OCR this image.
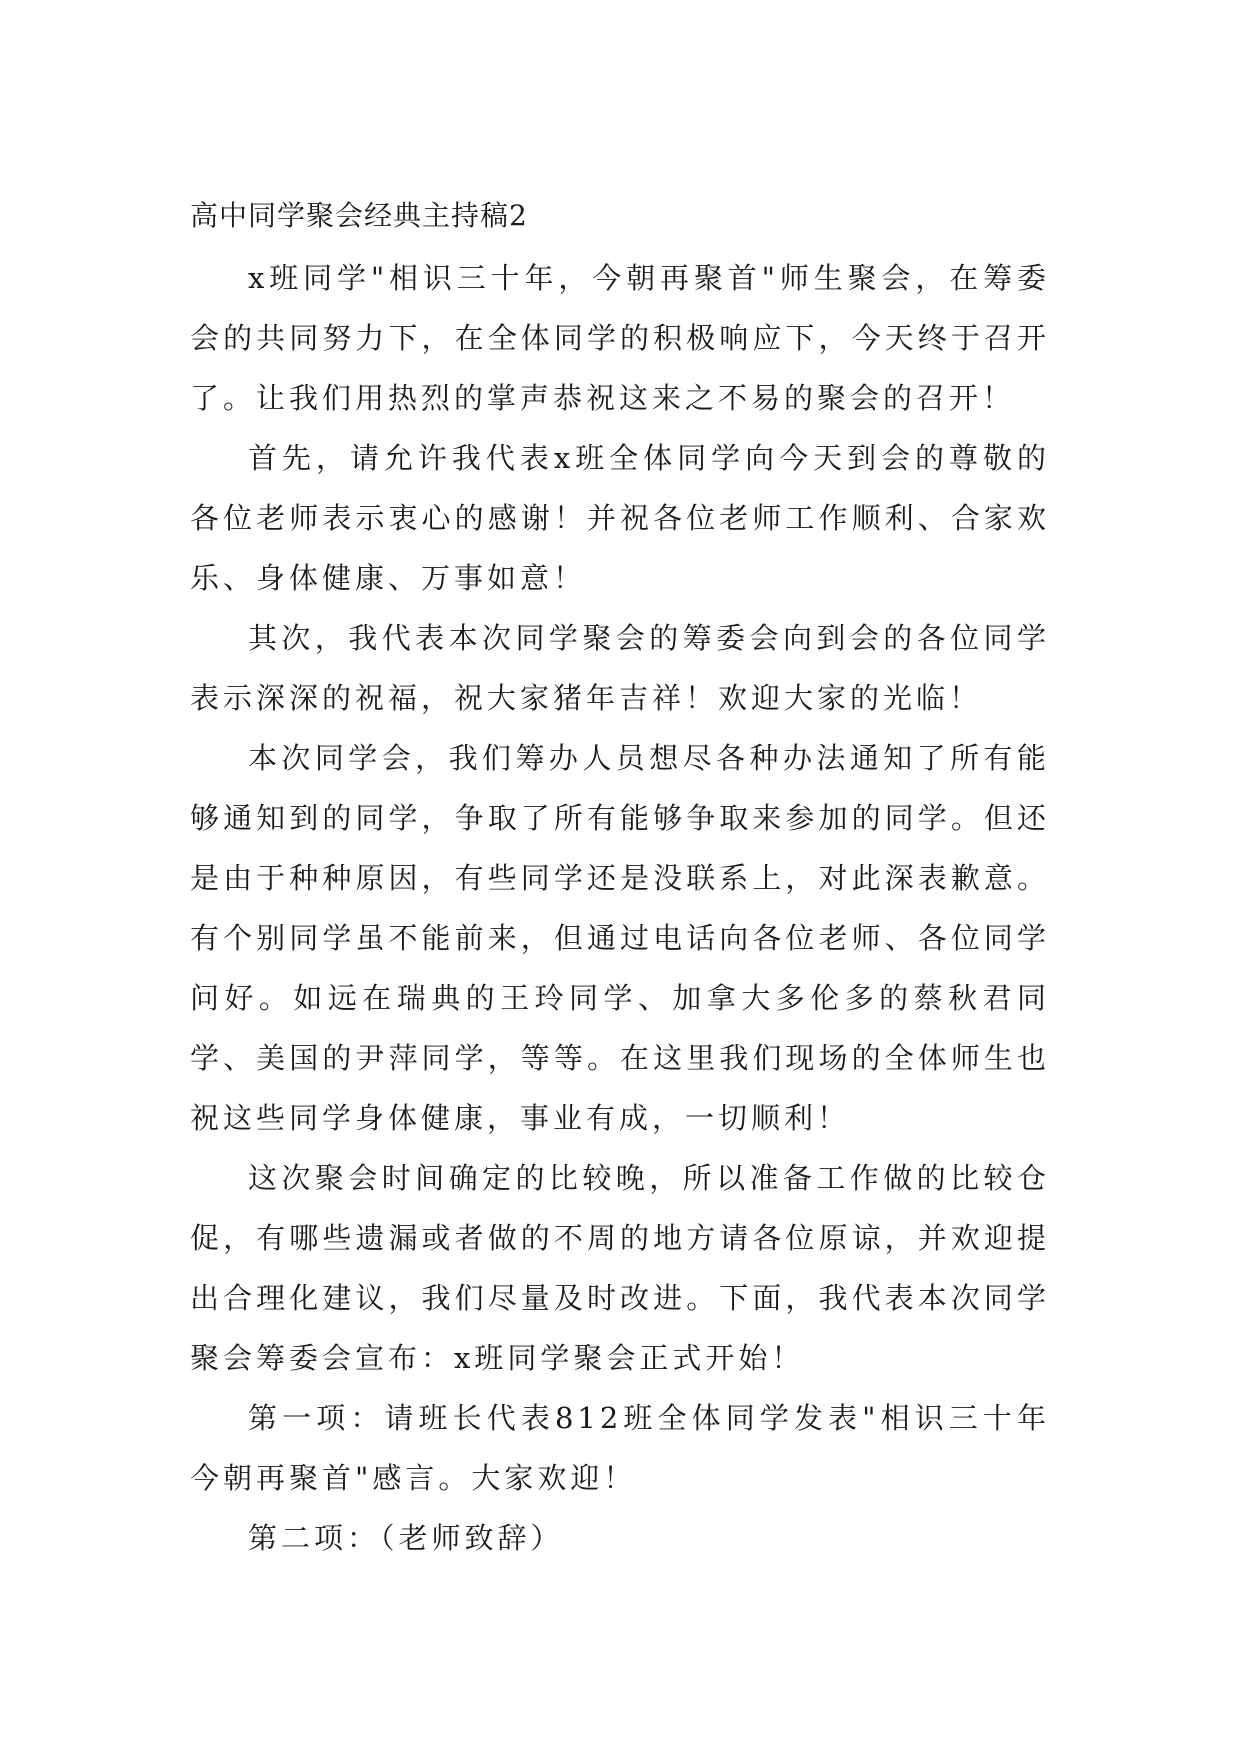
高中同学聚会经典主持稿2

x班同学"相识三十年，今朝再聚首"师生聚会，在筹委会的共同努力下，在全体同学的积极响应下，今天终于召开了。让我们用热烈的掌声恭祝这来之不易的聚会的召开！

首先，请允许我代表x班全体同学向今天到会的尊敬的各位老师表示衷心的感谢！并祝各位老师工作顺利、合家欢乐、身体健康、万事如意！

其次，我代表本次同学聚会的筹委会向到会的各位同学表示深深的祝福，祝大家猪年吉祥！欢迎大家的光临！

本次同学会，我们筹办人员想尽各种办法通知了所有能够通知到的同学，争取了所有能够争取来参加的同学。但还是由于种种原因，有些同学还是没联系上，对此深表歉意。有个别同学虽不能前来，但通过电话向各位老师、各位同学问好。如远在瑞典的王玲同学、加拿大多伦多的蔡秋君同学、美国的尹萍同学，等等。在这里我们现场的全体师生也祝这些同学身体健康，事业有成，一切顺利！

这次聚会时间确定的比较晚，所以准备工作做的比较仓促，有哪些遗漏或者做的不周的地方请各位原谅，并欢迎提出合理化建议，我们尽量及时改进。下面，我代表本次同学聚会筹委会宣布：x班同学聚会正式开始！

第一项：请班长代表812班全体同学发表"相识三十年今朝再聚首"感言。大家欢迎！

第二项：（老师致辞）
